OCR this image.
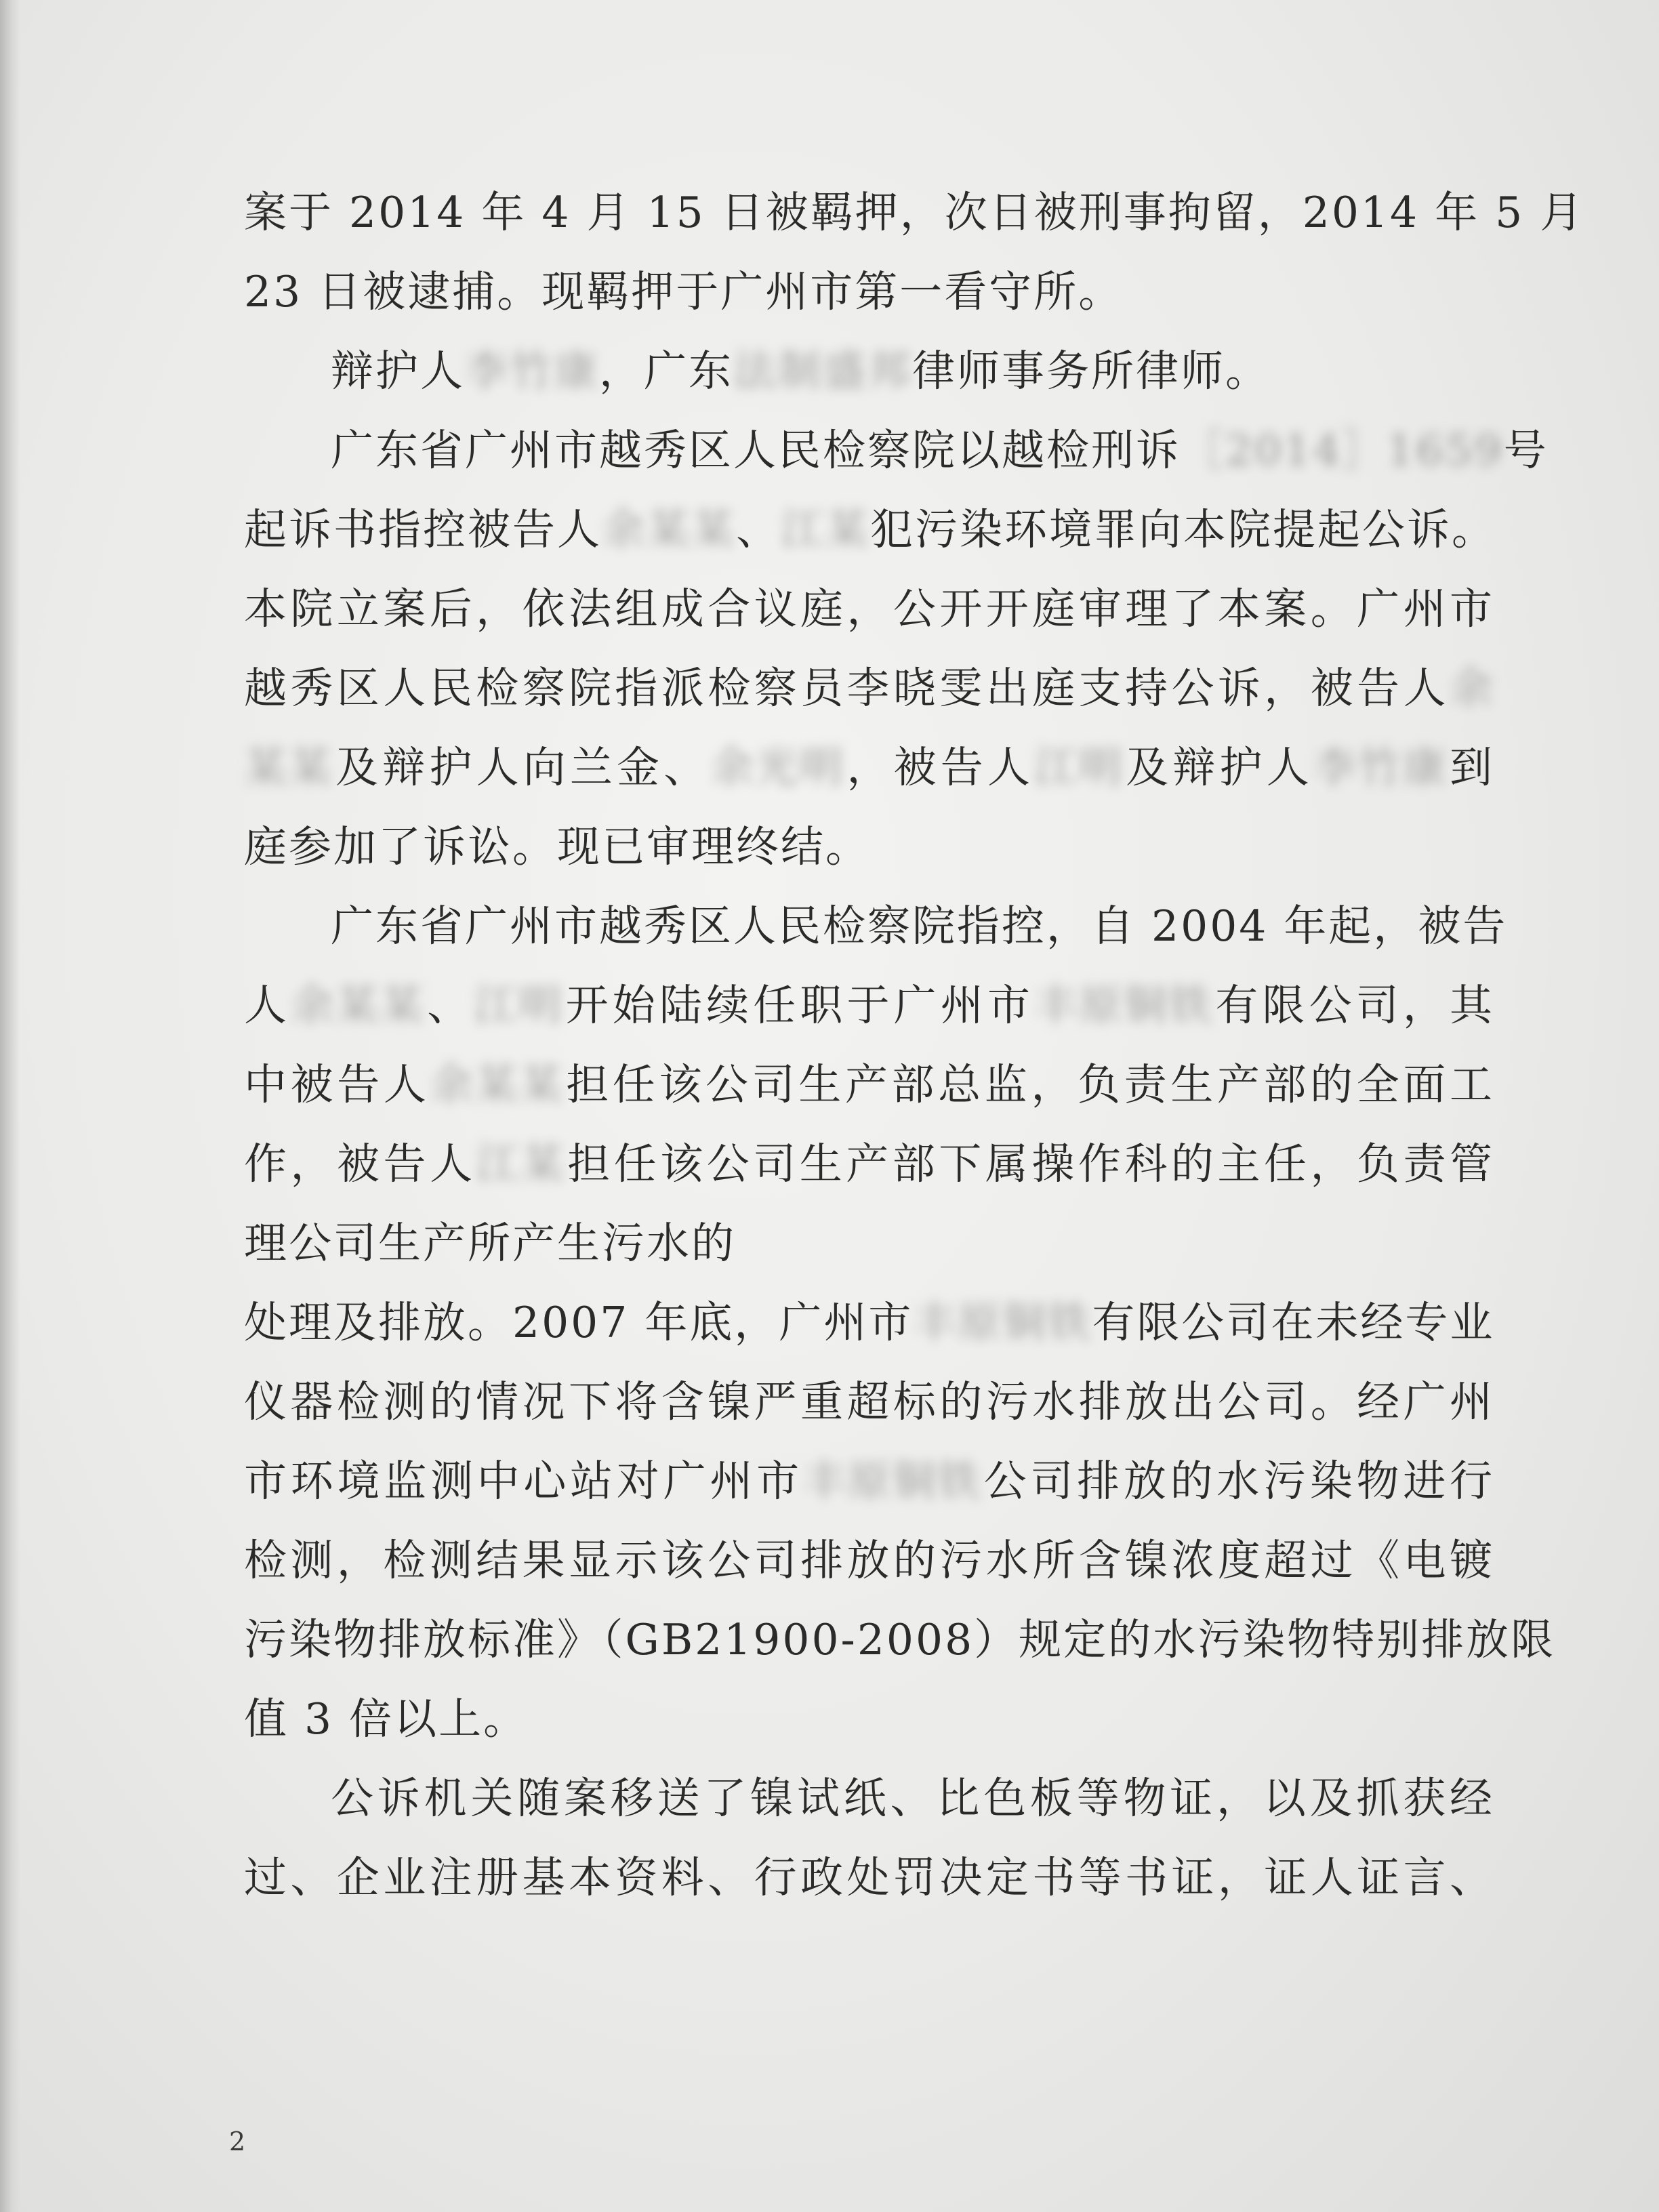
案于 2014 年 4 月 15 日被羁押，次日被刑事拘留，2014 年 5 月

23 日被逮捕。现羁押于广州市第一看守所。

辩护人李竹康，广东法制盛邦律师事务所律师。

广东省广州市越秀区人民检察院以越检刑诉［2014］1659号

起诉书指控被告人余某某、江某犯污染环境罪向本院提起公诉。

本院立案后，依法组成合议庭，公开开庭审理了本案。广州市

越秀区人民检察院指派检察员李晓雯出庭支持公诉，被告人余

某某及辩护人向兰金、余光明，被告人江明及辩护人李竹康到

庭参加了诉讼。现已审理终结。

广东省广州市越秀区人民检察院指控，自 2004 年起，被告

人余某某、江明开始陆续任职于广州市丰原铜铁有限公司，其

中被告人余某某担任该公司生产部总监，负责生产部的全面工

作，被告人江某担任该公司生产部下属操作科的主任，负责管

理公司生产所产生污水的

处理及排放。2007 年底，广州市丰原铜铁有限公司在未经专业

仪器检测的情况下将含镍严重超标的污水排放出公司。经广州

市环境监测中心站对广州市丰原铜铁公司排放的水污染物进行

检测，检测结果显示该公司排放的污水所含镍浓度超过《电镀

污染物排放标准》（GB21900-2008）规定的水污染物特别排放限

值 3 倍以上。

公诉机关随案移送了镍试纸、比色板等物证，以及抓获经

过、企业注册基本资料、行政处罚决定书等书证，证人证言、

2
